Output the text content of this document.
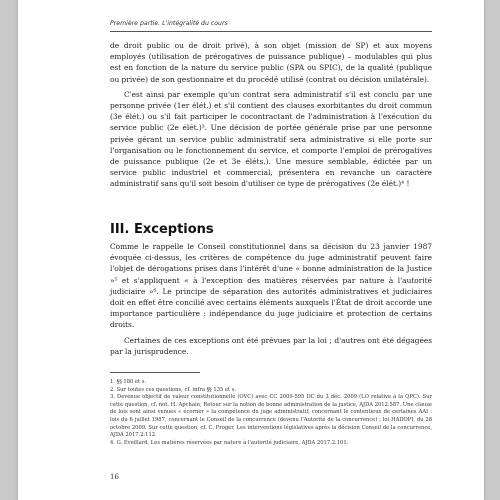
Première partie. L'intégralité du cours

de droit public ou de droit privé), à son objet (mission de SP) et aux moyens employés (utilisation de prérogatives de puissance publique) – modulables qui plus est en fonction de la nature du service public (SPA ou SPIC), de la qualité (publique ou privée) de son gestionnaire et du procédé utilisé (contrat ou décision unilatérale).

C'est ainsi par exemple qu'un contrat sera administratif s'il est conclu par une personne privée (1er élét.) et s'il contient des clauses exorbitantes du droit commun (3e élét.) ou s'il fait participer le cocontractant de l'administration à l'exécution du service public (2e élét.)³. Une décision de portée générale prise par une personne privée gérant un service public administratif sera administrative si elle porte sur l'organisation ou le fonctionnement du service, et comporte l'emploi de prérogatives de puissance publique (2e et 3e éléts.). Une mesure semblable, édictée par un service public industriel et commercial, présentera en revanche un caractère administratif sans qu'il soit besoin d'utiliser ce type de prérogatives (2e élét.)⁴ !

III. Exceptions

Comme le rappelle le Conseil constitutionnel dans sa décision du 23 janvier 1987 évoquée ci-dessus, les critères de compétence du juge administratif peuvent faire l'objet de dérogations prises dans l'intérêt d'une « bonne administration de la Justice »⁵ et s'appliquent « à l'exception des matières réservées par nature à l'autorité judiciaire »⁶. Le principe de séparation des autorités administratives et judiciaires doit en effet être concilié avec certains éléments auxquels l'État de droit accorde une importance particulière : indépendance du juge judiciaire et protection de certains droits.

Certaines de ces exceptions ont été prévues par la loi ; d'autres ont été dégagées par la jurisprudence.

1. §§ 180 et s.

2. Sur toutes ces questions, cf. infra §§ 135 et s.

3. Devenue objectif de valeur constitutionnelle (OVC) avec CC 2009-595 DC du 3 déc. 2009 (LO relative à la QPC). Sur cette question, cf. not. H. Apchain, Retour sur la notion de bonne administration de la justice, AJDA 2012.587. Une clause de lois sont ainsi venues « écorner » la compétence du juge administratif, concernant le contentieux de certaines AAI : lois du 6 juillet 1987, concernant le Conseil de la concurrence (devenu l'Autorité de la concurrence) ; loi HADOPI, du 28 octobre 2009. Sur cette question, cf. C. Froger, Les interventions législatives après la décision Conseil de la concurrence, AJDA 2017.2.112.

4. G. Eveillard, Les matières réservées par nature à l'autorité judiciaire, AJDA 2017.2.101.

16
